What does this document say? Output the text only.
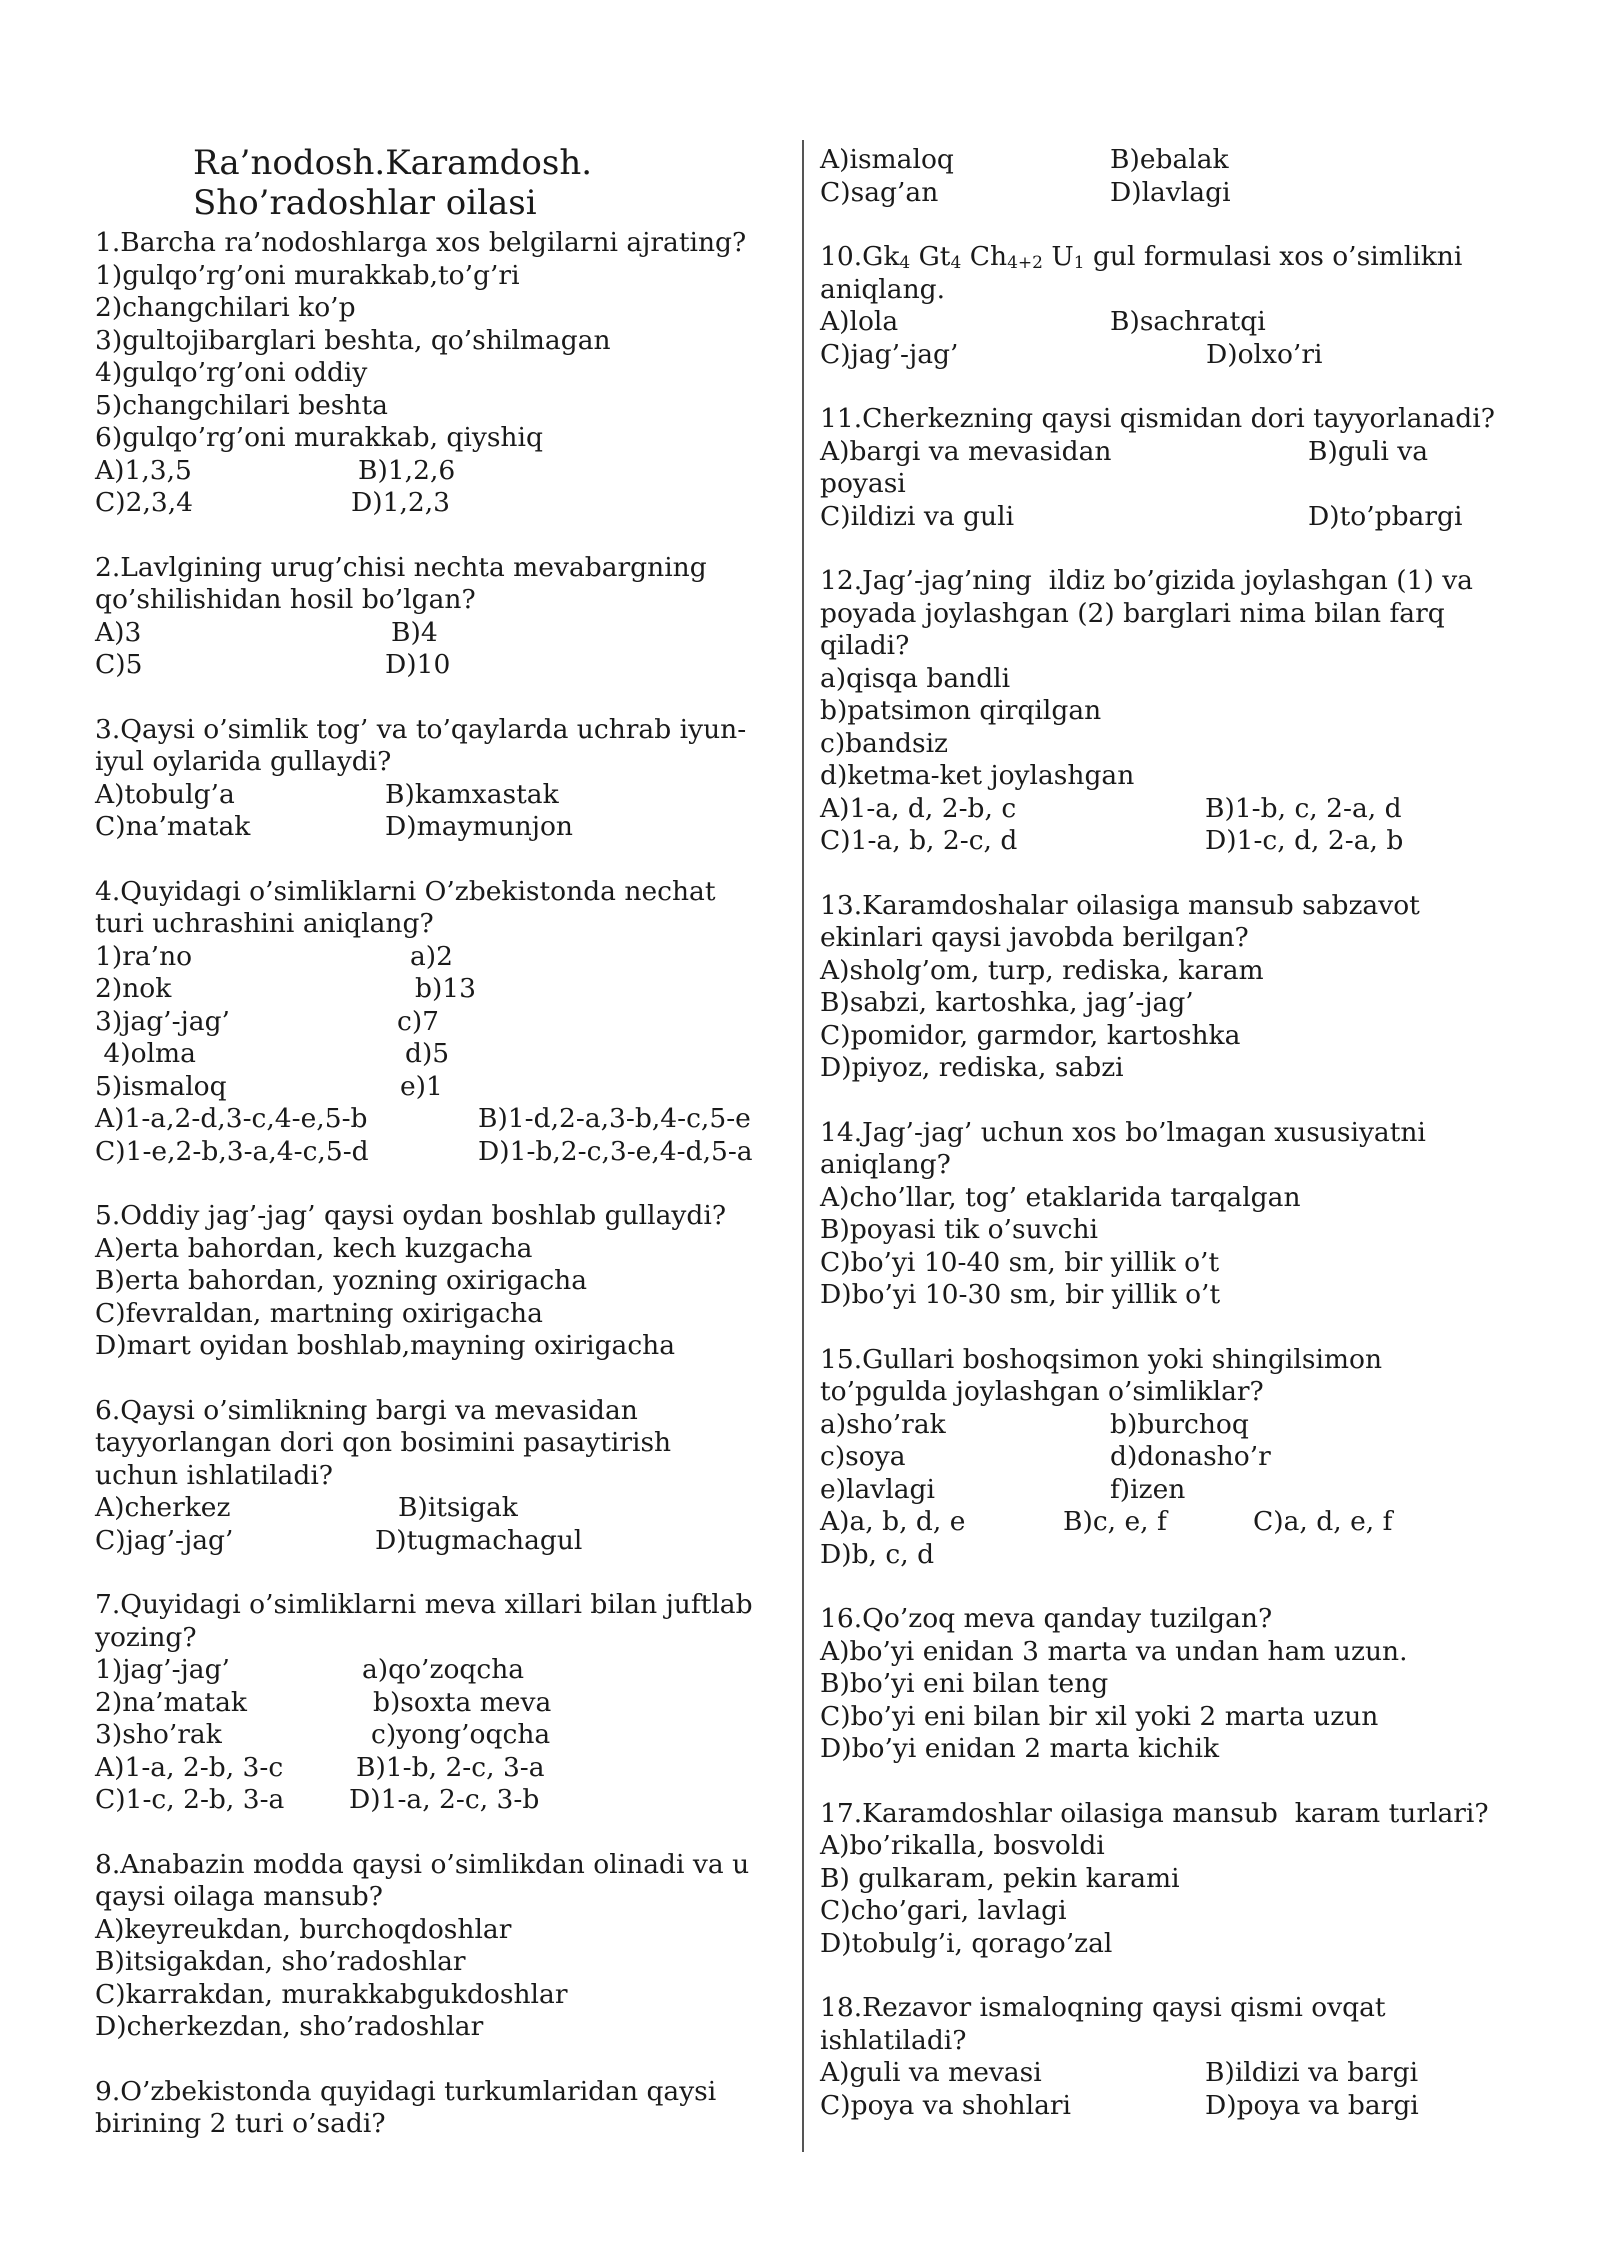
Ra’nodosh.Karamdosh.
Sho’radoshlar oilasi
1.Barcha ra’nodoshlarga xos belgilarni ajrating?
1)gulqo’rg’oni murakkab,to’g’ri
2)changchilari ko’p
3)gultojibarglari beshta, qo’shilmagan
4)gulqo’rg’oni oddiy
5)changchilari beshta
6)gulqo’rg’oni murakkab, qiyshiq
A)1,3,5	B)1,2,6
C)2,3,4	D)1,2,3
2.Lavlgining urug’chisi nechta mevabargning
qo’shilishidan hosil bo’lgan?
A)3	B)4
C)5	D)10
3.Qaysi o’simlik tog’ va to’qaylarda uchrab iyun-
iyul oylarida gullaydi?
A)tobulg’a	B)kamxastak
C)na’matak	D)maymunjon
4.Quyidagi o’simliklarni O’zbekistonda nechat
turi uchrashini aniqlang?
1)ra’no	a)2
2)nok	b)13
3)jag’-jag’	c)7
4)olma	d)5
5)ismaloq	e)1
A)1-a,2-d,3-c,4-e,5-b	B)1-d,2-a,3-b,4-c,5-e
C)1-e,2-b,3-a,4-c,5-d	D)1-b,2-c,3-e,4-d,5-a
5.Oddiy jag’-jag’ qaysi oydan boshlab gullaydi?
A)erta bahordan, kech kuzgacha
B)erta bahordan, yozning oxirigacha
C)fevraldan, martning oxirigacha
D)mart oyidan boshlab,mayning oxirigacha
6.Qaysi o’simlikning bargi va mevasidan
tayyorlangan dori qon bosimini pasaytirish
uchun ishlatiladi?
A)cherkez	B)itsigak
C)jag’-jag’	D)tugmachagul
7.Quyidagi o’simliklarni meva xillari bilan juftlab
yozing?
1)jag’-jag’	a)qo’zoqcha
2)na’matak	b)soxta meva
3)sho’rak	c)yong’oqcha
A)1-a, 2-b, 3-c	B)1-b, 2-c, 3-a
C)1-c, 2-b, 3-a D)1-a, 2-c, 3-b
8.Anabazin modda qaysi o’simlikdan olinadi va u
qaysi oilaga mansub?
A)keyreukdan, burchoqdoshlar
B)itsigakdan, sho’radoshlar
C)karrakdan, murakkabgukdoshlar
D)cherkezdan, sho’radoshlar
9.O’zbekistonda quyidagi turkumlaridan qaysi
birining 2 turi o’sadi?
A)ismaloq	B)ebalak
C)sag’an	D)lavlagi
$10.Gk_4$ $Gt_4$ $Ch_{4+2}$ $U_1$ gul formulasi xos o’simlikni
aniqlang.
A)lola	B)sachratqi
C)jag’-jag’	D)olxo’ri
11.Cherkezning qaysi qismidan dori tayyorlanadi?
A)bargi va mevasidan	B)guli va
poyasi
C)ildizi va guli	D)to’pbargi
12.Jag’-jag’ning  ildiz bo’gizida joylashgan (1) va
poyada joylashgan (2) barglari nima bilan farq
qiladi?
a)qisqa bandli
b)patsimon qirqilgan
c)bandsiz
d)ketma-ket joylashgan
A)1-a, d, 2-b, c	B)1-b, c, 2-a, d
C)1-a, b, 2-c, d	D)1-c, d, 2-a, b
13.Karamdoshalar oilasiga mansub sabzavot
ekinlari qaysi javobda berilgan?
A)sholg’om, turp, rediska, karam
B)sabzi, kartoshka, jag’-jag’
C)pomidor, garmdor, kartoshka
D)piyoz, rediska, sabzi
14.Jag’-jag’ uchun xos bo’lmagan xususiyatni
aniqlang?
A)cho’llar, tog’ etaklarida tarqalgan
B)poyasi tik o’suvchi
C)bo’yi 10-40 sm, bir yillik o’t
D)bo’yi 10-30 sm, bir yillik o’t
15.Gullari boshoqsimon yoki shingilsimon
to’pgulda joylashgan o’simliklar?
a)sho’rak	b)burchoq
c)soya	d)donasho’r
e)lavlagi	f)izen
A)a, b, d, e	B)c, e, f	C)a, d, e, f
D)b, c, d
16.Qo’zoq meva qanday tuzilgan?
A)bo’yi enidan 3 marta va undan ham uzun.
B)bo’yi eni bilan teng
C)bo’yi eni bilan bir xil yoki 2 marta uzun
D)bo’yi enidan 2 marta kichik
17.Karamdoshlar oilasiga mansub  karam turlari?
A)bo’rikalla, bosvoldi
B) gulkaram, pekin karami
C)cho’gari, lavlagi
D)tobulg’i, qorago’zal
18.Rezavor ismaloqning qaysi qismi ovqat
ishlatiladi?
A)guli va mevasi	B)ildizi va bargi
C)poya va shohlari	D)poya va bargi
